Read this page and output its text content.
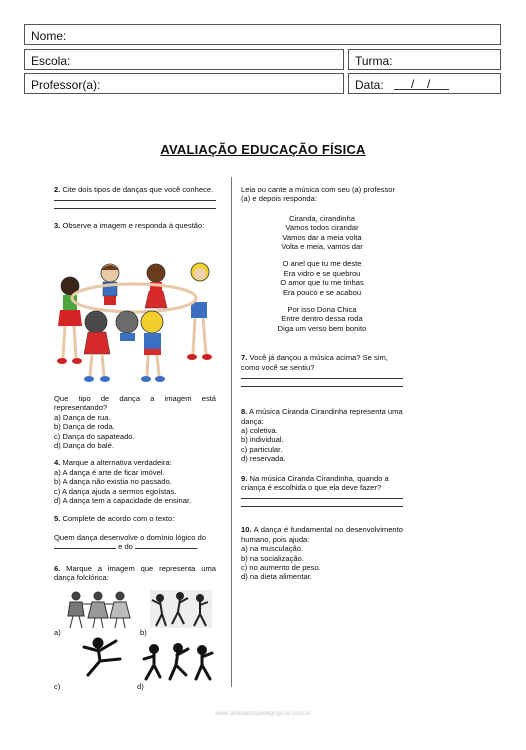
Nome:
Escola:	Turma:
Professor(a):	Data: / /
AVALIAÇÃO EDUCAÇÃO FÍSICA

2. Cite dois tipos de danças que você conhece.

3. Observe a imagem e responda à questão:

Que tipo de dança a imagem está representando?

a) Dança de rua.

b) Dança de roda.

c) Dança do sapateado.

d) Dança do balé.

4. Marque a alternativa verdadeira:

a) A dança é arte de ficar imóvel.

b) A dança não existia no passado.

c) A dança ajuda a sermos egoístas.

d) A dança tem a capacidade de ensinar.

5. Complete de acordo com o texto:

Quem dança desenvolve o domínio lógico do

e do	.

6. Marque a imagem que representa uma dança folclórica:

a)	b)
c)	d)

Leia ou cante a música com seu (a) professor (a) e depois responda:

Ciranda, cirandinha

Vamos todos cirandar

Vamos dar a meia volta

Volta e meia, vamos dar

O anel que tu me deste

Era vidro e se quebrou

O amor que tu me tinhas

Era pouco e se acabou

Por isso Dona Chica

Entre dentro dessa roda

Diga um verso bem bonito

7. Você já dançou a música acima? Se sim, como você se sentiu?

8. A música Ciranda Cirandinha representa uma dança:

a) coletiva.

b) individual.

c) particular.

d) reservada.

9. Na música Ciranda Cirandinha, quando a criança é escolhida o que ela deve fazer?

10. A dança é fundamental no desenvolvimento humano, pois ajuda:

a) na musculação.

b) na socialização.

c) no aumento de peso.

d) na dieta alimentar.

www.atividadespedagogicas.com.br
